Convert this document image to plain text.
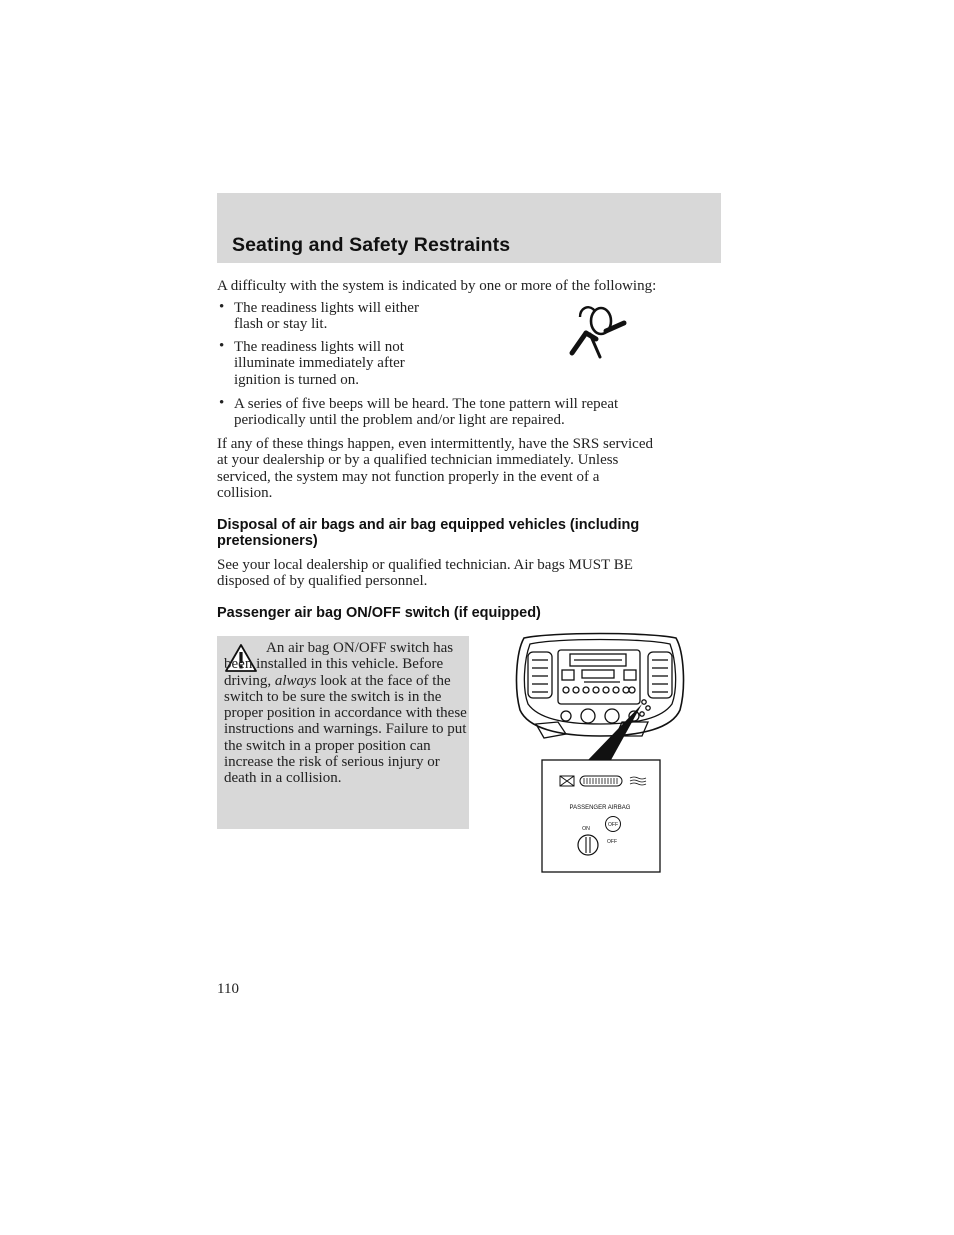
Seating and Safety Restraints
A difficulty with the system is indicated by one or more of the following:
• The readiness lights will either
flash or stay lit.
• The readiness lights will not
illuminate immediately after
ignition is turned on.
• A series of five beeps will be heard. The tone pattern will repeat
periodically until the problem and/or light are repaired.
If any of these things happen, even intermittently, have the SRS serviced
at your dealership or by a qualified technician immediately. Unless
serviced, the system may not function properly in the event of a
collision.
Disposal of air bags and air bag equipped vehicles (including
pretensioners)
See your local dealership or qualified technician. Air bags MUST BE
disposed of by qualified personnel.
Passenger air bag ON/OFF switch (if equipped)
An air bag ON/OFF switch has been installed in this vehicle. Before driving, always look at the face of the switch to be sure the switch is in the proper position in accordance with these instructions and warnings. Failure to put the switch in a proper position can increase the risk of serious injury or death in a collision.
PASSENGER AIRBAG
ON
OFF
OFF
110
